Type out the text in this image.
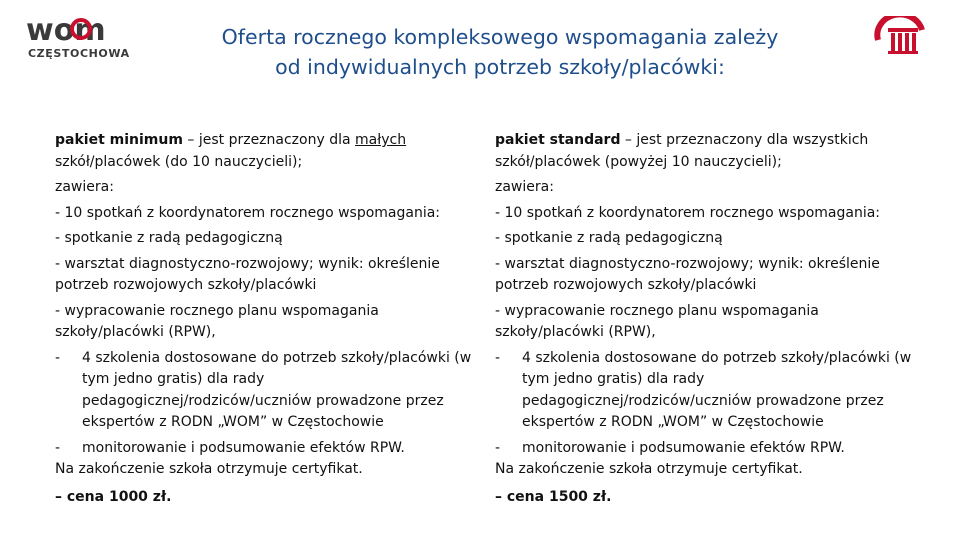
wom
CZĘSTOCHOWA
Oferta rocznego kompleksowego wspomagania zależy
od indywidualnych potrzeb szkoły/placówki:

pakiet minimum – jest przeznaczony dla małych szkół/placówek (do 10 nauczycieli);

zawiera:

- 10 spotkań z koordynatorem rocznego wspomagania:

- spotkanie z radą pedagogiczną

- warsztat diagnostyczno-rozwojowy; wynik: określenie potrzeb rozwojowych szkoły/placówki

- wypracowanie rocznego planu wspomagania szkoły/placówki (RPW),

-	4 szkolenia dostosowane do potrzeb szkoły/placówki (w tym jedno gratis) dla rady pedagogicznej/rodziców/uczniów prowadzone przez ekspertów z RODN „WOM” w Częstochowie
-	monitorowanie i podsumowanie efektów RPW.

Na zakończenie szkoła otrzymuje certyfikat.

– cena 1000 zł.

pakiet standard – jest przeznaczony dla wszystkich szkół/placówek (powyżej 10 nauczycieli);

zawiera:

- 10 spotkań z koordynatorem rocznego wspomagania:

- spotkanie z radą pedagogiczną

- warsztat diagnostyczno-rozwojowy; wynik: określenie potrzeb rozwojowych szkoły/placówki

- wypracowanie rocznego planu wspomagania szkoły/placówki (RPW),

-	4 szkolenia dostosowane do potrzeb szkoły/placówki (w tym jedno gratis) dla rady pedagogicznej/rodziców/uczniów prowadzone przez ekspertów z RODN „WOM” w Częstochowie
-	monitorowanie i podsumowanie efektów RPW.

Na zakończenie szkoła otrzymuje certyfikat.

– cena 1500 zł.
